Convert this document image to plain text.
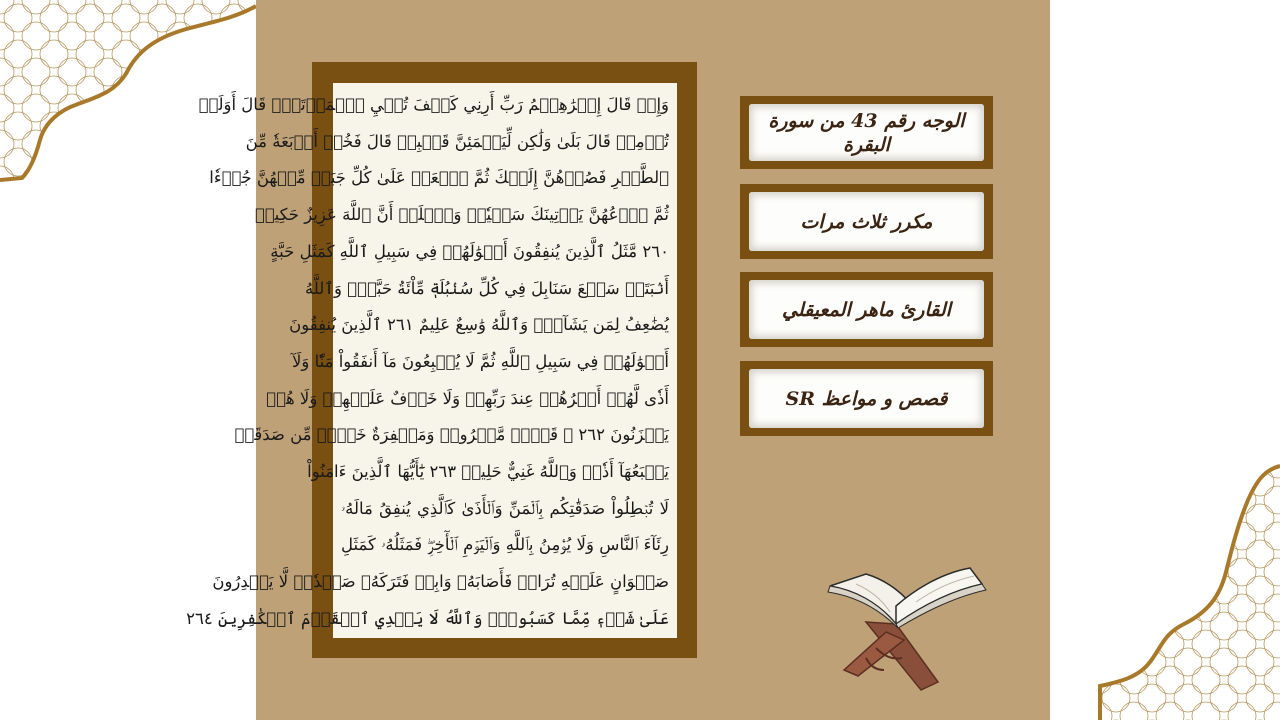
وَإِذۡ قَالَ إِبۡرَٰهِـۧمُ رَبِّ أَرِنِي كَيۡفَ تُحۡيِ ٱلۡمَوۡتَىٰۖ قَالَ أَوَلَمۡ
تُؤۡمِنۖ قَالَ بَلَىٰ وَلَٰكِن لِّيَطۡمَئِنَّ قَلۡبِيۖ قَالَ فَخُذۡ أَرۡبَعَةٗ مِّنَ
ٱلطَّيۡرِ فَصُرۡهُنَّ إِلَيۡكَ ثُمَّ ٱجۡعَلۡ عَلَىٰ كُلِّ جَبَلٖ مِّنۡهُنَّ جُزۡءٗا
ثُمَّ ٱدۡعُهُنَّ يَأۡتِينَكَ سَعۡيٗاۚ وَٱعۡلَمۡ أَنَّ ٱللَّهَ عَزِيزٌ حَكِيمٞ
٢٦٠ مَّثَلُ ٱلَّذِينَ يُنفِقُونَ أَمۡوَٰلَهُمۡ فِي سَبِيلِ ٱللَّهِ كَمَثَلِ حَبَّةٍ
أَنۢبَتَتۡ سَبۡعَ سَنَابِلَ فِي كُلِّ سُنۢبُلَةٖ مِّاْئَةُ حَبَّةٖۗ وَٱللَّهُ
يُضَٰعِفُ لِمَن يَشَآءُۚ وَٱللَّهُ وَٰسِعٌ عَلِيمٌ ٢٦١ ٱلَّذِينَ يُنفِقُونَ
أَمۡوَٰلَهُمۡ فِي سَبِيلِ ٱللَّهِ ثُمَّ لَا يُتۡبِعُونَ مَآ أَنفَقُواْ مَنّٗا وَلَآ
أَذٗى لَّهُمۡ أَجۡرُهُمۡ عِندَ رَبِّهِمۡ وَلَا خَوۡفٌ عَلَيۡهِمۡ وَلَا هُمۡ
يَحۡزَنُونَ ٢٦٢ ۞ قَوۡلٞ مَّعۡرُوفٞ وَمَغۡفِرَةٌ خَيۡرٞ مِّن صَدَقَةٖ
يَتۡبَعُهَآ أَذٗىۗ وَٱللَّهُ غَنِيٌّ حَلِيمٞ ٢٦٣ يَٰٓأَيُّهَا ٱلَّذِينَ ءَامَنُواْ
لَا تُبۡطِلُواْ صَدَقَٰتِكُم بِٱلۡمَنِّ وَٱلۡأَذَىٰ كَٱلَّذِي يُنفِقُ مَالَهُۥ
رِئَآءَ ٱلنَّاسِ وَلَا يُؤۡمِنُ بِٱللَّهِ وَٱلۡيَوۡمِ ٱلۡأٓخِرِۖ فَمَثَلُهُۥ كَمَثَلِ
صَفۡوَانٍ عَلَيۡهِ تُرَابٞ فَأَصَابَهُۥ وَابِلٞ فَتَرَكَهُۥ صَلۡدٗاۖ لَّا يَقۡدِرُونَ
عَلَىٰ شَيۡءٖ مِّمَّا كَسَبُواْۗ وَٱللَّهُ لَا يَهۡدِي ٱلۡقَوۡمَ ٱلۡكَٰفِرِينَ ٢٦٤
الوجه رقم 43 من سورة البقرة
مكرر ثلاث مرات
القارئ ماهر المعيقلي
قصص و مواعظ SR
